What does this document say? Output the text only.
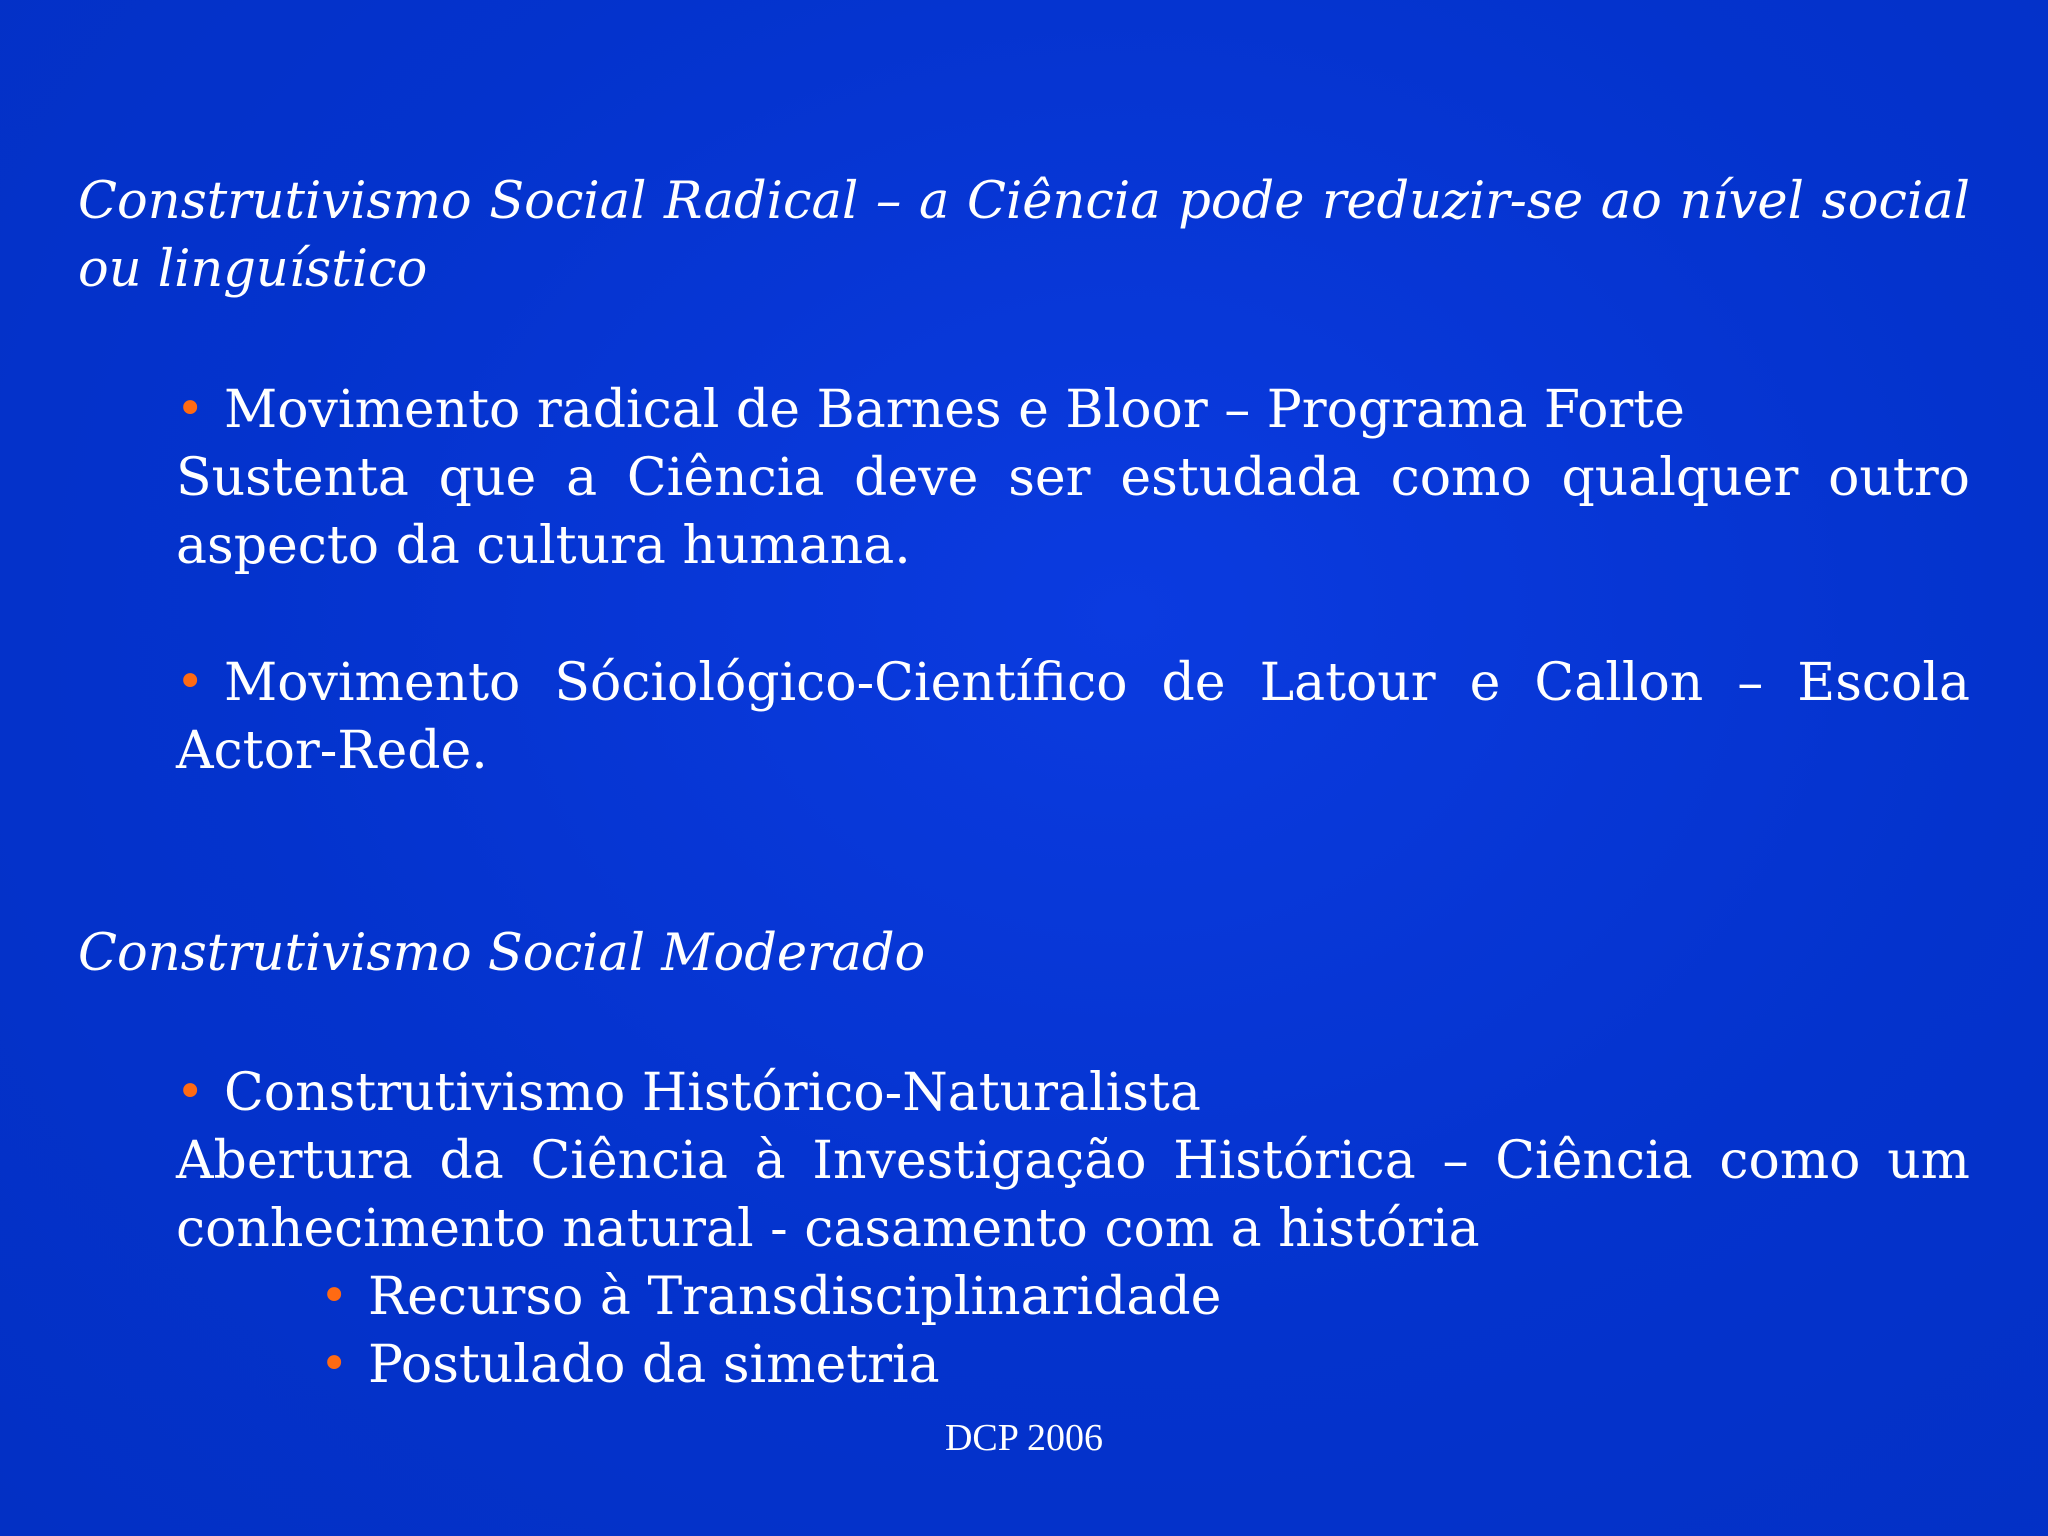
Construtivismo Social Radical – a Ciência pode reduzir-se ao nível social ou linguístico

• Movimento radical de Barnes e Bloor – Programa Forte

Sustenta que a Ciência deve ser estudada como qualquer outro aspecto da cultura humana.

• Movimento Sóciológico-Científico de Latour e Callon – Escola Actor-Rede.

Construtivismo Social Moderado

• Construtivismo Histórico-Naturalista

Abertura da Ciência à Investigação Histórica – Ciência como um conhecimento natural - casamento com a história

• Recurso à Transdisciplinaridade
• Postulado da simetria
DCP 2006
